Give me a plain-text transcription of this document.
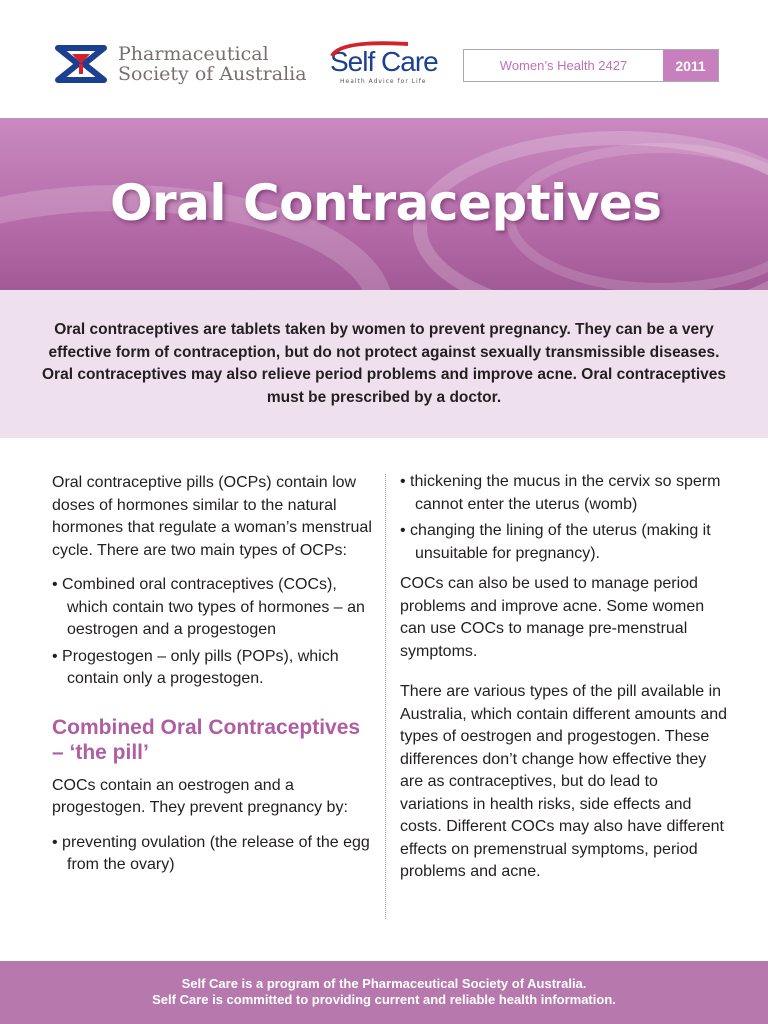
Pharmaceutical
Society of Australia Self Care
Health Advice for Life
Women’s Health 2427	2011
Oral Contraceptives

Oral contraceptives are tablets taken by women to prevent pregnancy. They can be a very effective form of contraception, but do not protect against sexually transmissible diseases. Oral contraceptives may also relieve period problems and improve acne. Oral contraceptives must be prescribed by a doctor.

Oral contraceptive pills (OCPs) contain low doses of hormones similar to the natural hormones that regulate a woman’s menstrual cycle. There are two main types of OCPs:

• Combined oral contraceptives (COCs), which contain two types of hormones – an oestrogen and a progestogen
• Progestogen – only pills (POPs), which contain only a progestogen.
Combined Oral Contraceptives – ‘the pill’

COCs contain an oestrogen and a progestogen. They prevent pregnancy by:

• preventing ovulation (the release of the egg from the ovary)
• thickening the mucus in the cervix so sperm cannot enter the uterus (womb)
• changing the lining of the uterus (making it unsuitable for pregnancy).

COCs can also be used to manage period problems and improve acne. Some women can use COCs to manage pre-menstrual symptoms.

There are various types of the pill available in Australia, which contain different amounts and types of oestrogen and progestogen. These differences don’t change how effective they are as contraceptives, but do lead to variations in health risks, side effects and costs. Different COCs may also have different effects on premenstrual symptoms, period problems and acne.

Self Care is a program of the Pharmaceutical Society of Australia.
Self Care is committed to providing current and reliable health information.
